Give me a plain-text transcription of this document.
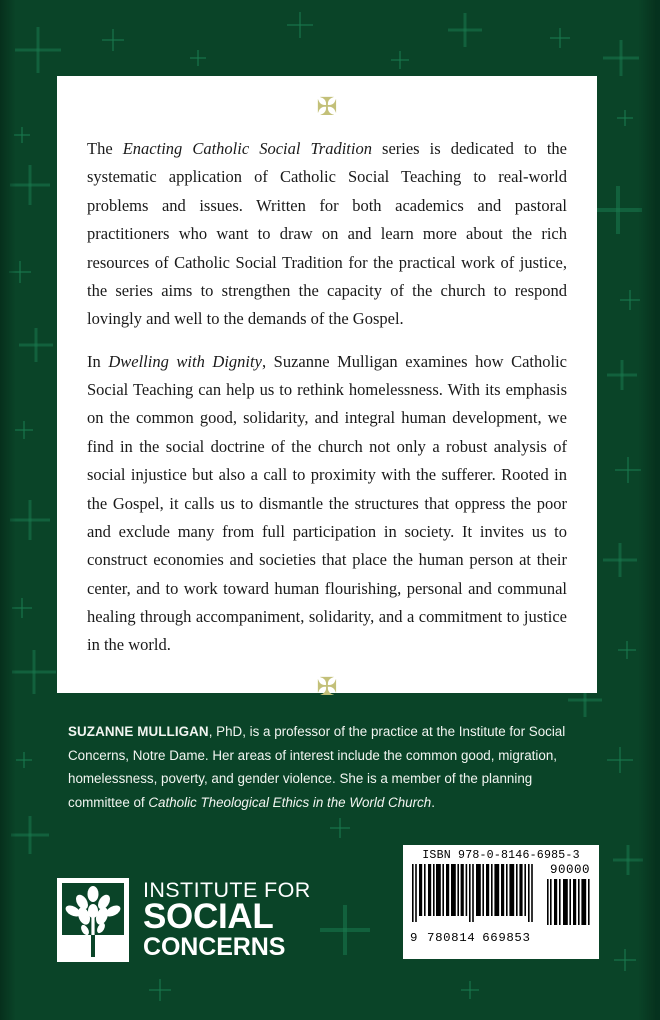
✠

The Enacting Catholic Social Tradition series is dedicated to the systematic application of Catholic Social Teaching to real-world problems and issues. Written for both academics and pastoral practitioners who want to draw on and learn more about the rich resources of Catholic Social Tradition for the practical work of justice, the series aims to strengthen the capacity of the church to respond lovingly and well to the demands of the Gospel.

In Dwelling with Dignity, Suzanne Mulligan examines how Catholic Social Teaching can help us to rethink homelessness. With its emphasis on the common good, solidarity, and integral human development, we find in the social doctrine of the church not only a robust analysis of social injustice but also a call to proximity with the sufferer. Rooted in the Gospel, it calls us to dismantle the structures that oppress the poor and exclude many from full participation in society. It invites us to construct economies and societies that place the human person at their center, and to work toward human flourishing, personal and communal healing through accompaniment, solidarity, and a commitment to justice in the world.

✠
SUZANNE MULLIGAN, PhD, is a professor of the practice at the Institute for Social Concerns, Notre Dame. Her areas of interest include the common good, migration, homelessness, poverty, and gender violence. She is a member of the planning committee of Catholic Theological Ethics in the World Church.
INSTITUTE FOR
SOCIAL
CONCERNS
ISBN 978-0-8146-6985-3
9 780814 669853
90000
